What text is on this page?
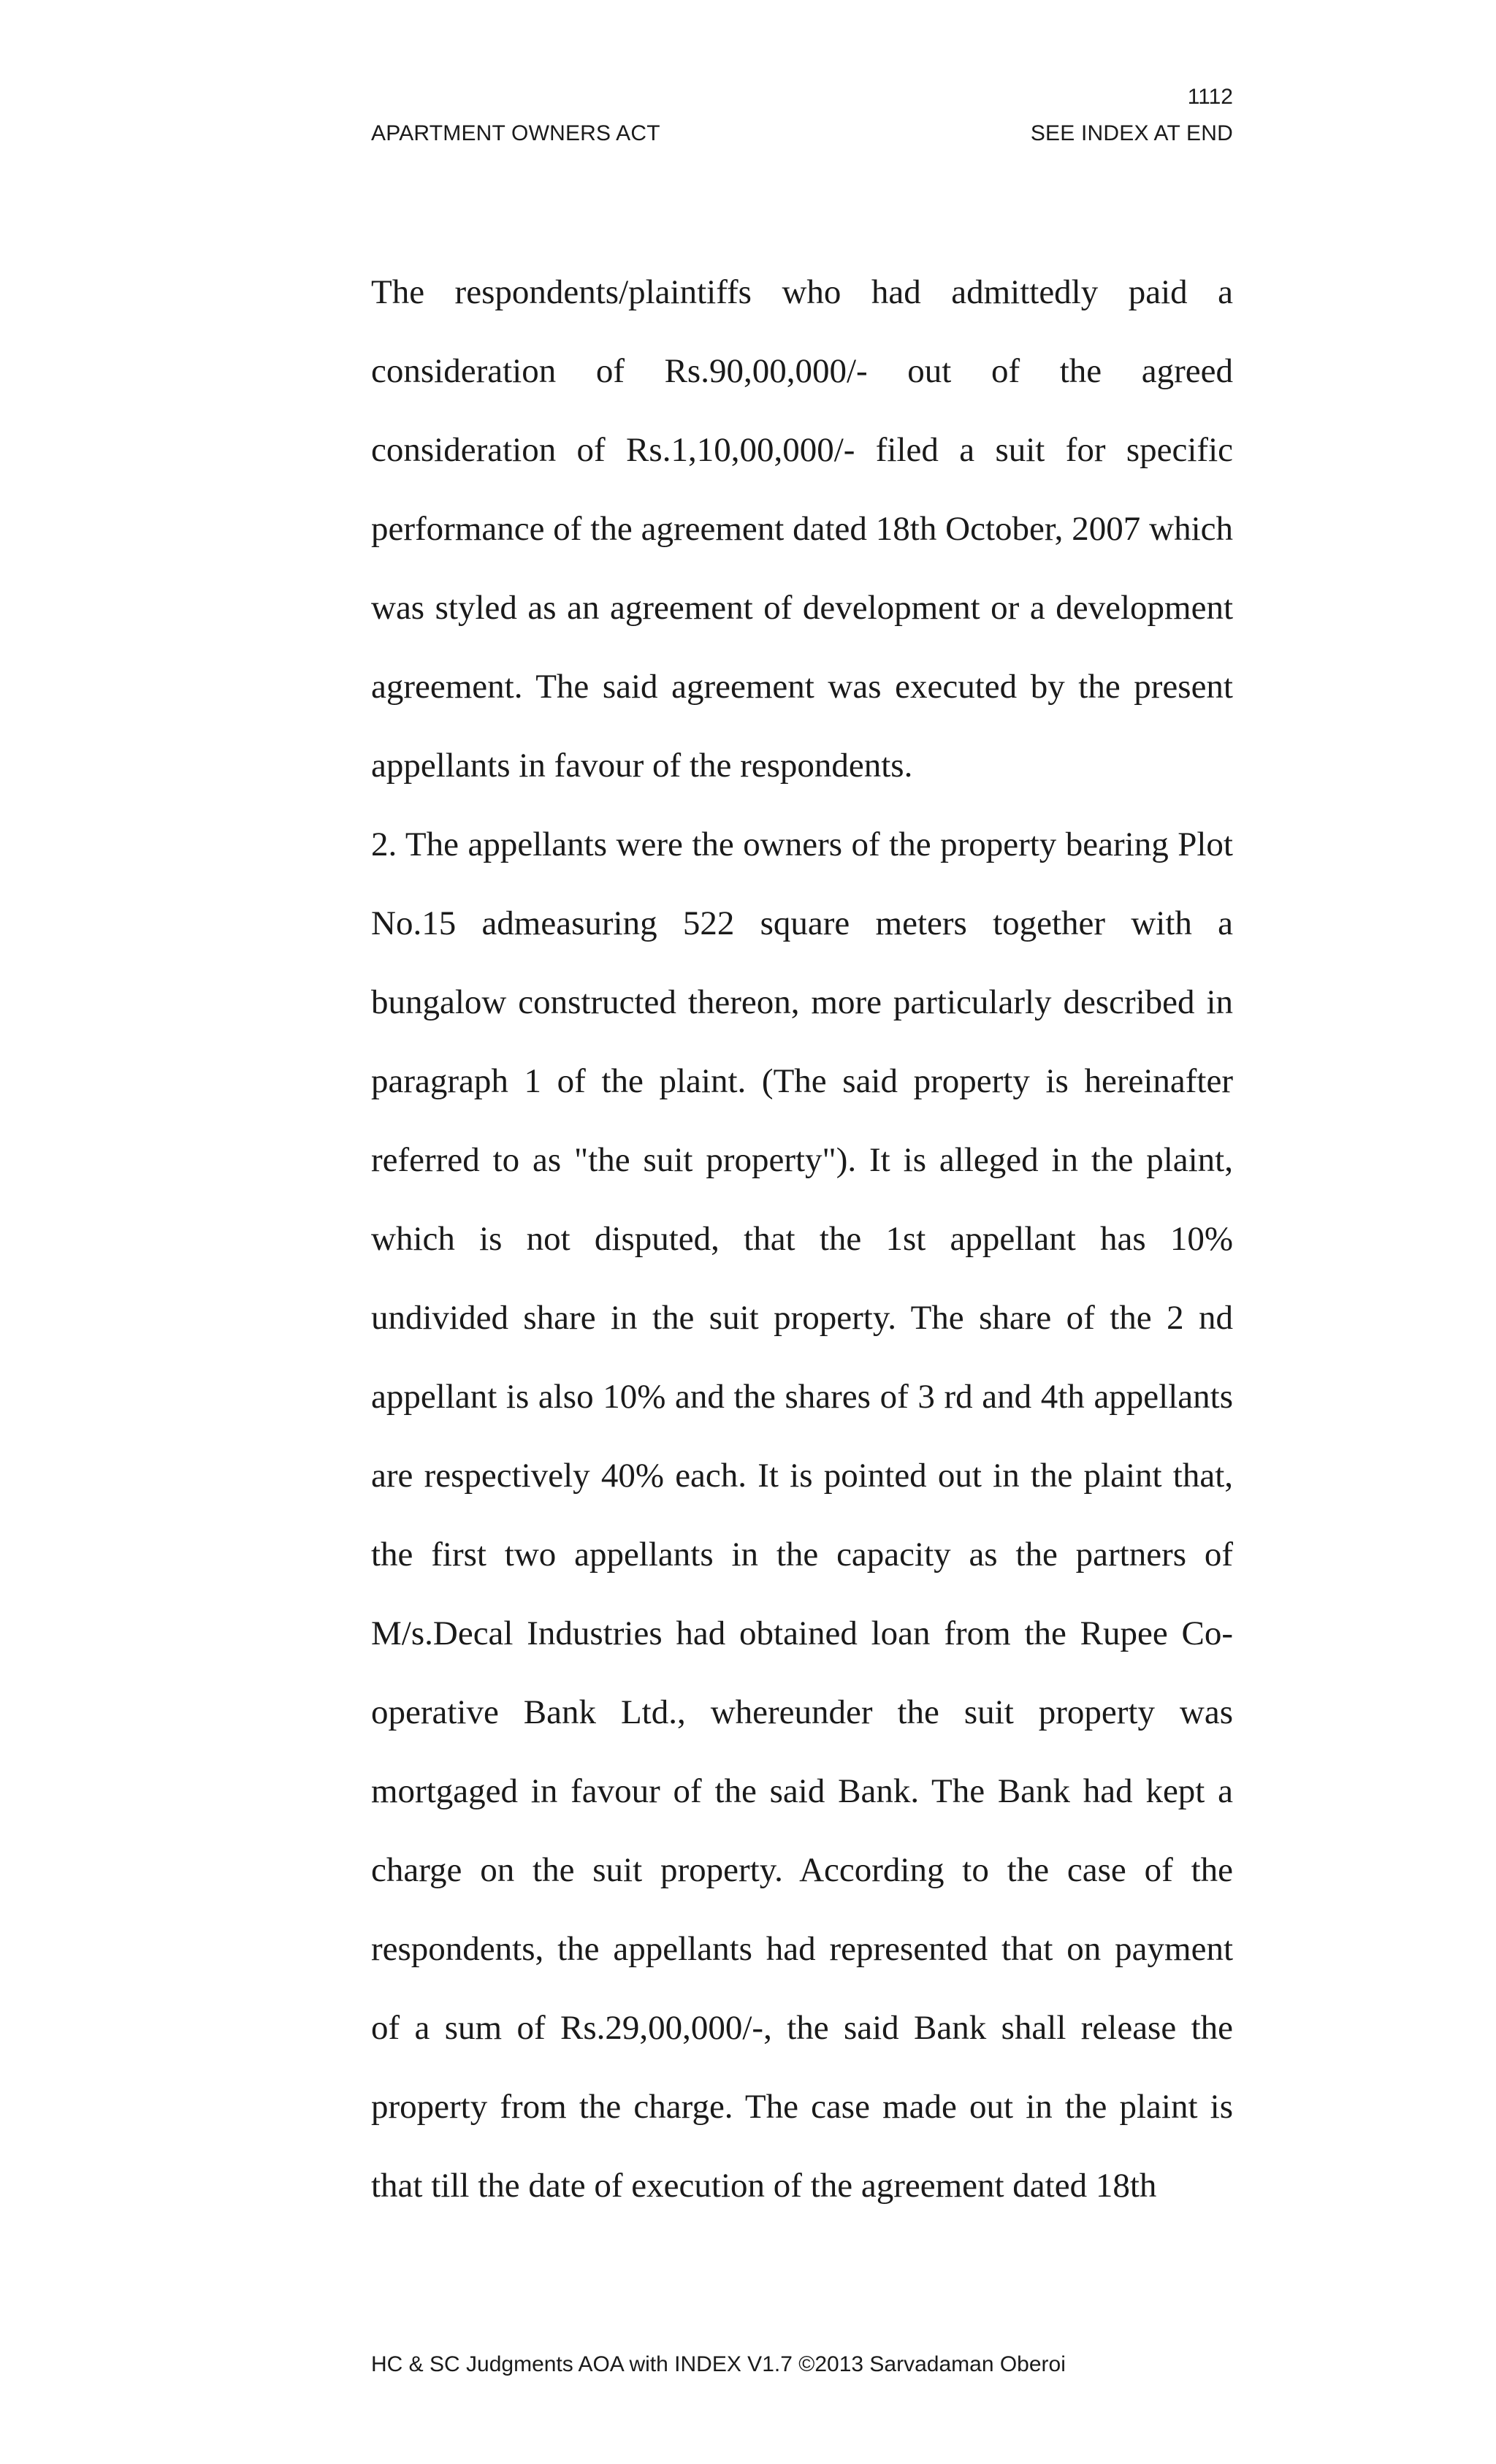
1112
APARTMENT OWNERS ACT	SEE INDEX AT END

The respondents/plaintiffs who had admittedly paid a consideration of Rs.90,00,000/- out of the agreed consideration of Rs.1,10,00,000/- filed a suit for specific performance of the agreement dated 18th October, 2007 which was styled as an agreement of development or a development agreement. The said agreement was executed by the present appellants in favour of the respondents.

2. The appellants were the owners of the property bearing Plot No.15 admeasuring 522 square meters together with a bungalow constructed thereon, more particularly described in paragraph 1 of the plaint. (The said property is hereinafter referred to as "the suit property"). It is alleged in the plaint, which is not disputed, that the 1st appellant has 10% undivided share in the suit property. The share of the 2 nd appellant is also 10% and the shares of 3 rd and 4th appellants are respectively 40% each. It is pointed out in the plaint that, the first two appellants in the capacity as the partners of M/s.Decal Industries had obtained loan from the Rupee Co-operative Bank Ltd., whereunder the suit property was mortgaged in favour of the said Bank. The Bank had kept a charge on the suit property. According to the case of the respondents, the appellants had represented that on payment of a sum of Rs.29,00,000/-, the said Bank shall release the property from the charge. The case made out in the plaint is that till the date of execution of the agreement dated 18th

HC & SC Judgments AOA with INDEX V1.7 ©2013 Sarvadaman Oberoi
